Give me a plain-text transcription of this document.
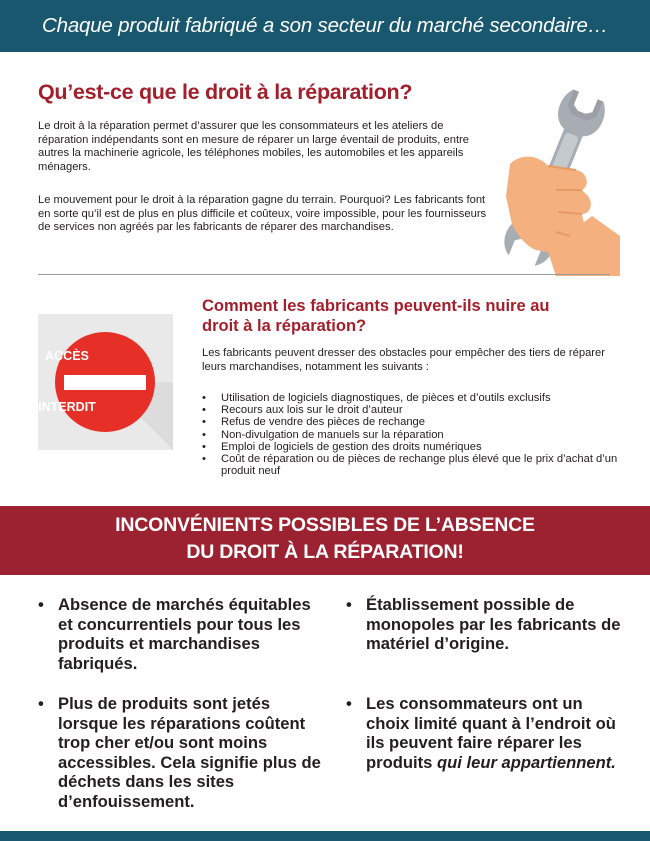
Chaque produit fabriqué a son secteur du marché secondaire…
Qu’est-ce que le droit à la réparation?

Le droit à la réparation permet d’assurer que les consommateurs et les ateliers de réparation indépendants sont en mesure de réparer un large éventail de produits, entre autres la machinerie agricole, les téléphones mobiles, les automobiles et les appareils ménagers.

Le mouvement pour le droit à la réparation gagne du terrain. Pourquoi? Les fabricants font en sorte qu’il est de plus en plus difficile et coûteux, voire impossible, pour les fournisseurs de services non agréés par les fabricants de réparer des marchandises.

ACCÈS
INTERDIT
Comment les fabricants peuvent-ils nuire au droit à la réparation?

Les fabricants peuvent dresser des obstacles pour empêcher des tiers de réparer leurs marchandises, notamment les suivants :

• Utilisation de logiciels diagnostiques, de pièces et d’outils exclusifs
• Recours aux lois sur le droit d’auteur
• Refus de vendre des pièces de rechange
• Non-divulgation de manuels sur la réparation
• Emploi de logiciels de gestion des droits numériques
• Coût de réparation ou de pièces de rechange plus élevé que le prix d’achat d’un produit neuf
INCONVÉNIENTS POSSIBLES DE L’ABSENCE
DU DROIT À LA RÉPARATION!
• Absence de marchés équitables et concurrentiels pour tous les produits et marchandises fabriqués.
• Plus de produits sont jetés lorsque les réparations coûtent trop cher et/ou sont moins accessibles. Cela signifie plus de déchets dans les sites d’enfouissement.
• Établissement possible de monopoles par les fabricants de matériel d’origine.
• Les consommateurs ont un choix limité quant à l’endroit où ils peuvent faire réparer les produits qui leur appartiennent.
